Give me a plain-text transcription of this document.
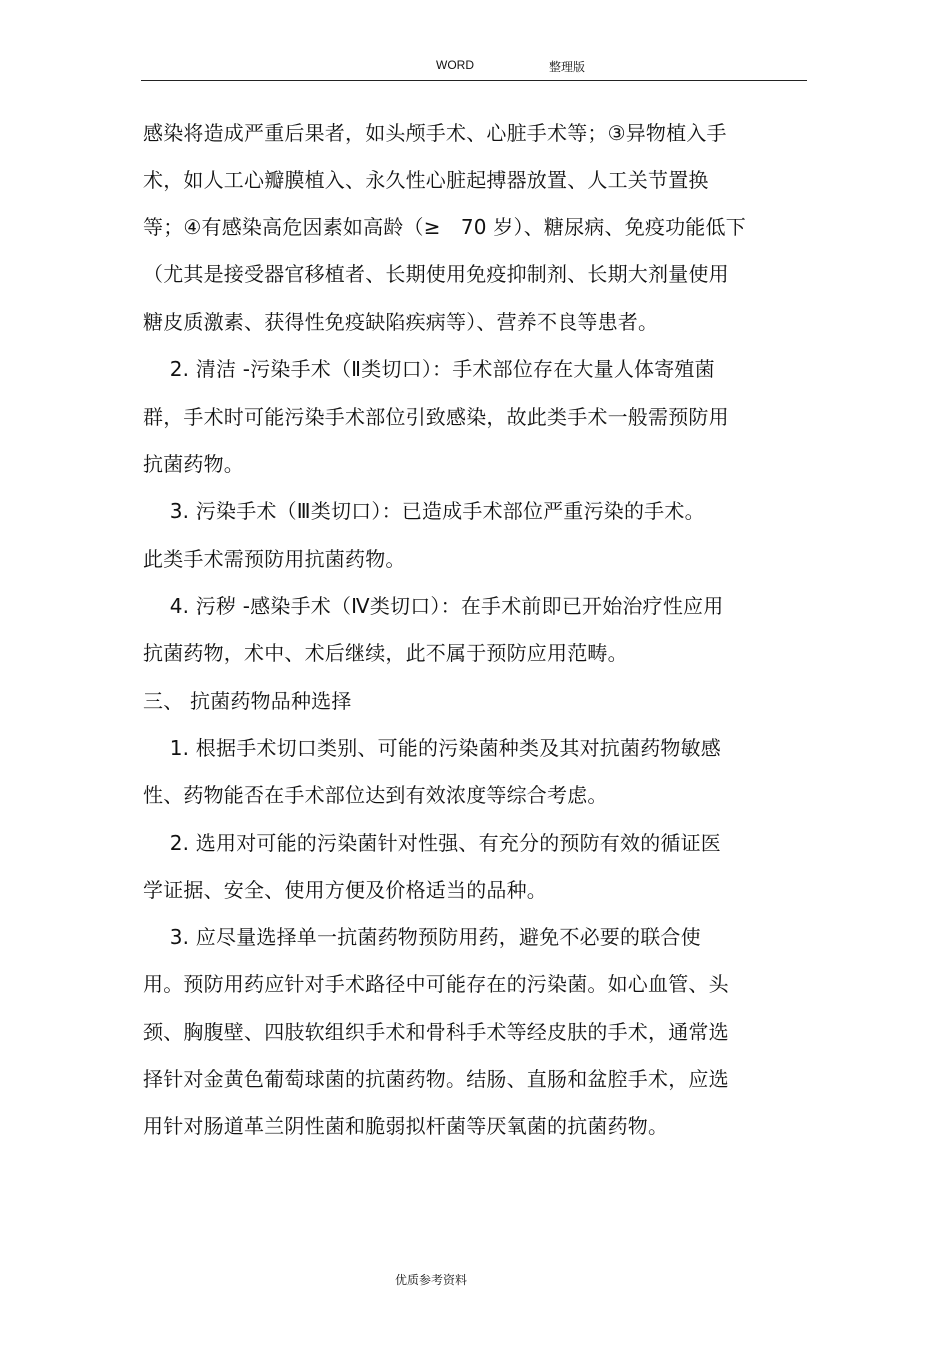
WORD	整理版
感染将造成严重后果者，如头颅手术、心脏手术等；③异物植入手
术，如人工心瓣膜植入、永久性心脏起搏器放置、人工关节置换
等；④有感染高危因素如高龄（≥　70 岁）、糖尿病、免疫功能低下
（尤其是接受器官移植者、长期使用免疫抑制剂、长期大剂量使用
糖皮质激素、获得性免疫缺陷疾病等）、营养不良等患者。
　 2. 清洁 -污染手术（Ⅱ类切口）：手术部位存在大量人体寄殖菌
群，手术时可能污染手术部位引致感染，故此类手术一般需预防用
抗菌药物。
　 3. 污染手术（Ⅲ类切口）：已造成手术部位严重污染的手术。
此类手术需预防用抗菌药物。
　 4. 污秽 -感染手术（Ⅳ类切口）：在手术前即已开始治疗性应用
抗菌药物，术中、术后继续，此不属于预防应用范畴。
三、 抗菌药物品种选择
　 1. 根据手术切口类别、可能的污染菌种类及其对抗菌药物敏感
性、药物能否在手术部位达到有效浓度等综合考虑。
　 2. 选用对可能的污染菌针对性强、有充分的预防有效的循证医
学证据、安全、使用方便及价格适当的品种。
　 3. 应尽量选择单一抗菌药物预防用药，避免不必要的联合使
用。预防用药应针对手术路径中可能存在的污染菌。如心血管、头
颈、胸腹壁、四肢软组织手术和骨科手术等经皮肤的手术，通常选
择针对金黄色葡萄球菌的抗菌药物。结肠、直肠和盆腔手术，应选
用针对肠道革兰阴性菌和脆弱拟杆菌等厌氧菌的抗菌药物。
优质参考资料
